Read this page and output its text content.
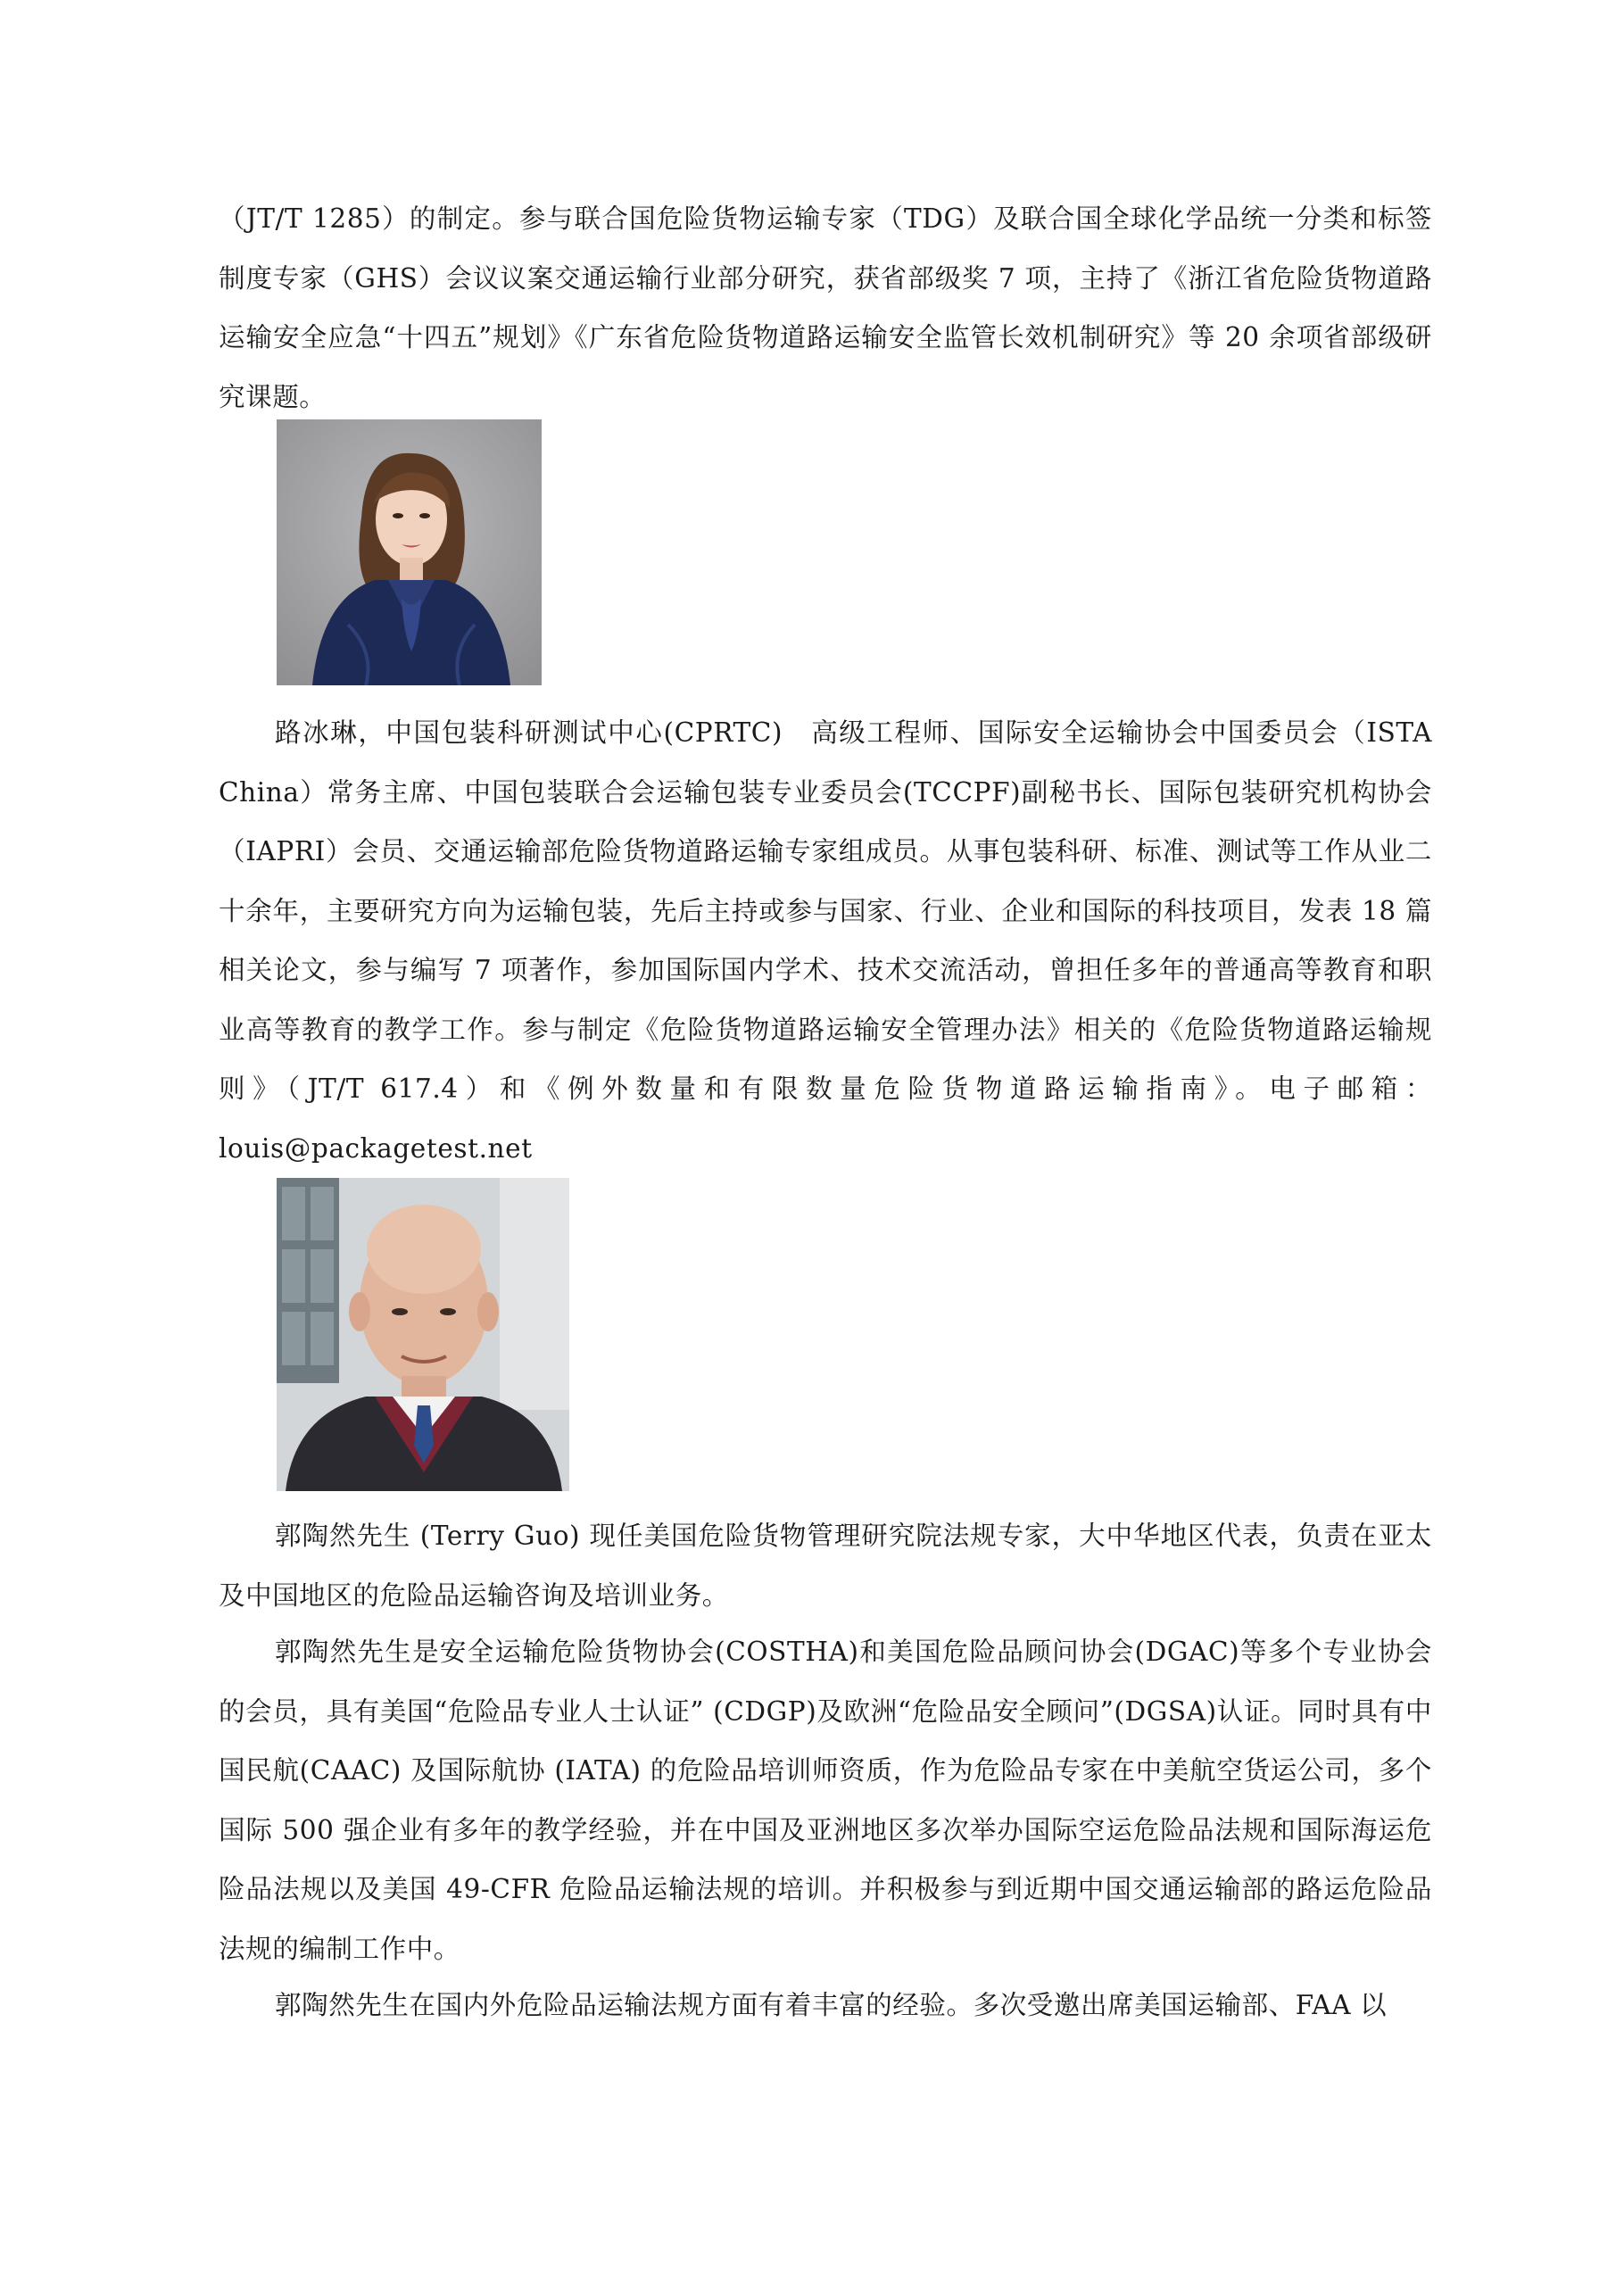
（JT/T 1285）的制定。参与联合国危险货物运输专家（TDG）及联合国全球化学品统一分类和标签制度专家（GHS）会议议案交通运输行业部分研究，获省部级奖 7 项，主持了《浙江省危险货物道路运输安全应急“十四五”规划》《广东省危险货物道路运输安全监管长效机制研究》等 20 余项省部级研究课题。

路冰琳，中国包装科研测试中心(CPRTC)　高级工程师、国际安全运输协会中国委员会（ISTA China）常务主席、中国包装联合会运输包装专业委员会(TCCPF)副秘书长、国际包装研究机构协会（IAPRI）会员、交通运输部危险货物道路运输专家组成员。从事包装科研、标准、测试等工作从业二十余年，主要研究方向为运输包装，先后主持或参与国家、行业、企业和国际的科技项目，发表 18 篇相关论文，参与编写 7 项著作，参加国际国内学术、技术交流活动，曾担任多年的普通高等教育和职业高等教育的教学工作。参与制定《危险货物道路运输安全管理办法》相关的《危险货物道路运输规则》（JT/T 617.4）和《例外数量和有限数量危险货物道路运输指南》。电子邮箱：louis@packagetest.net

郭陶然先生 (Terry Guo) 现任美国危险货物管理研究院法规专家，大中华地区代表，负责在亚太及中国地区的危险品运输咨询及培训业务。

郭陶然先生是安全运输危险货物协会(COSTHA)和美国危险品顾问协会(DGAC)等多个专业协会的会员，具有美国“危险品专业人士认证” (CDGP)及欧洲“危险品安全顾问”(DGSA)认证。同时具有中国民航(CAAC) 及国际航协 (IATA) 的危险品培训师资质，作为危险品专家在中美航空货运公司，多个国际 500 强企业有多年的教学经验，并在中国及亚洲地区多次举办国际空运危险品法规和国际海运危险品法规以及美国 49-CFR 危险品运输法规的培训。并积极参与到近期中国交通运输部的路运危险品法规的编制工作中。

郭陶然先生在国内外危险品运输法规方面有着丰富的经验。多次受邀出席美国运输部、FAA 以
